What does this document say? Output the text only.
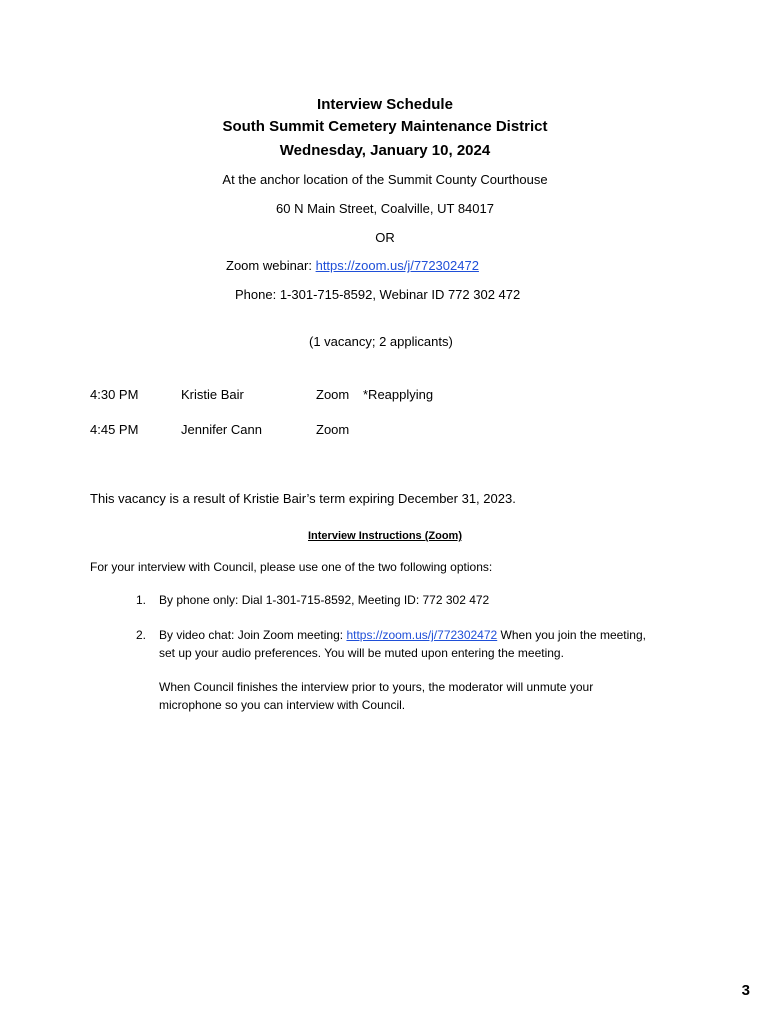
Interview Schedule
South Summit Cemetery Maintenance District
Wednesday, January 10, 2024
At the anchor location of the Summit County Courthouse
60 N Main Street, Coalville, UT 84017
OR
Zoom webinar: https://zoom.us/j/772302472
Phone: 1-301-715-8592, Webinar ID 772 302 472
(1 vacancy; 2 applicants)
4:30 PM	Kristie Bair	Zoom *Reapplying
4:45 PM	Jennifer Cann	Zoom
This vacancy is a result of Kristie Bair’s term expiring December 31, 2023.
Interview Instructions (Zoom)
For your interview with Council, please use one of the two following options:
1. By phone only: Dial 1-301-715-8592, Meeting ID: 772 302 472
2. By video chat: Join Zoom meeting: https://zoom.us/j/772302472 When you join the meeting, set up your audio preferences. You will be muted upon entering the meeting.
When Council finishes the interview prior to yours, the moderator will unmute your microphone so you can interview with Council.
3
